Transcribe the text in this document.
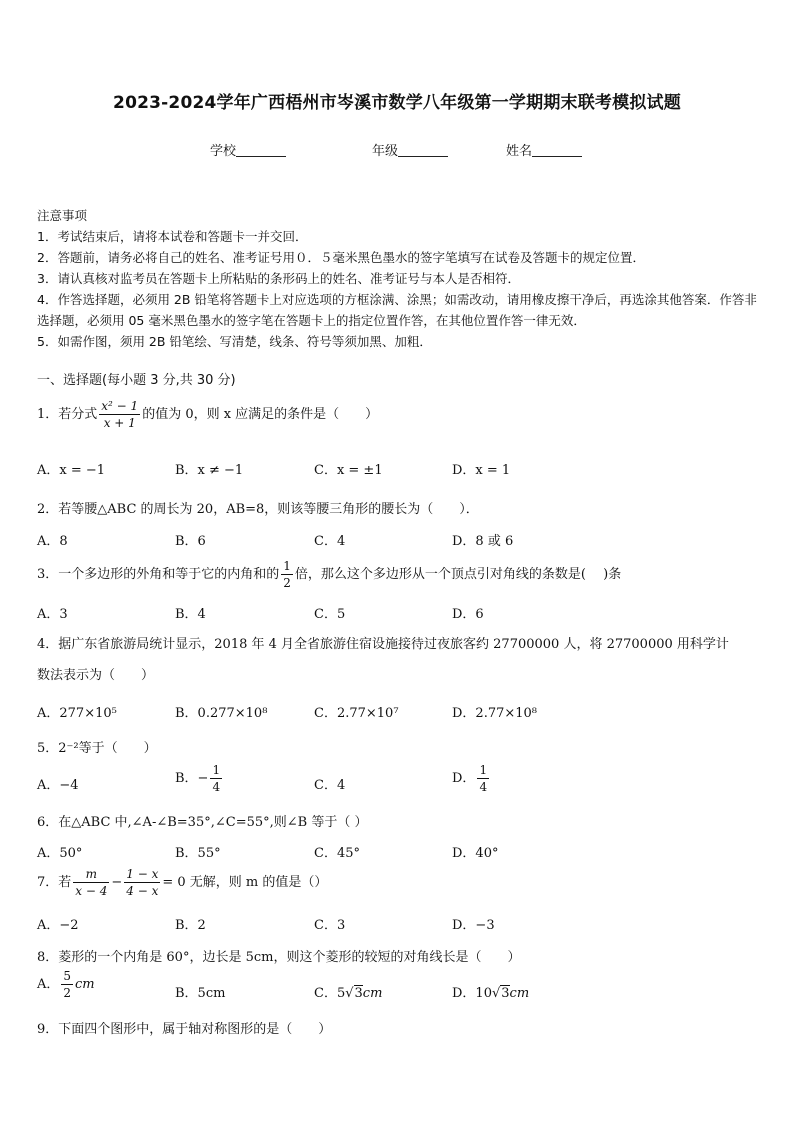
2023-2024学年广西梧州市岑溪市数学八年级第一学期期末联考模拟试题
学校	年级	姓名
注意事项
1．考试结束后，请将本试卷和答题卡一并交回．
2．答题前，请务必将自己的姓名、准考证号用０．５毫米黑色墨水的签字笔填写在试卷及答题卡的规定位置．
3．请认真核对监考员在答题卡上所粘贴的条形码上的姓名、准考证号与本人是否相符．
4．作答选择题，必须用 2B 铅笔将答题卡上对应选项的方框涂满、涂黑；如需改动，请用橡皮擦干净后，再选涂其他答案．作答非选择题，必须用 05 毫米黑色墨水的签字笔在答题卡上的指定位置作答，在其他位置作答一律无效．
5．如需作图，须用 2B 铅笔绘、写清楚，线条、符号等须加黑、加粗．
一、选择题(每小题 3 分,共 30 分)
1．若分式 $\frac{\text{x² − 1}}{x + 1}$ 的值为 0，则 x 应满足的条件是（　　）
A．x = −1	B．x ≠ −1	C．x = ±1	D．x = 1
2．若等腰△ABC 的周长为 20，AB=8，则该等腰三角形的腰长为（　　）．
A．8	B．6	C．4	D．8 或 6
3．一个多边形的外角和等于它的内角和的 $\frac{1}{2}$ 倍，那么这个多边形从一个顶点引对角线的条数是(　 )条
A．3	B．4	C．5	D．6
4．据广东省旅游局统计显示，2018 年 4 月全省旅游住宿设施接待过夜旅客约 27700000 人，将 27700000 用科学计
数法表示为（　　）
A．277×10⁵	B．0.277×10⁸	C．2.77×10⁷	D．2.77×10⁸
5．2⁻²等于（　　）
A．−4	B．− $\frac{1}{4}$	C．4	D． $\frac{1}{4}$
6．在△ABC 中,∠A-∠B=35°,∠C=55°,则∠B 等于（ ）
A．50°	B．55°	C．45°	D．40°
7．若 $\frac{m}{x - 4} - \frac{1 - x}{4 - x} = 0$ 无解，则 m 的值是（）
A．−2	B．2	C．3	D．−3
8．菱形的一个内角是 60°，边长是 5cm，则这个菱形的较短的对角线长是（　　）
A． $\frac{5}{2}$ cm
B．5cm	C．5√3cm	D．10√3cm
9．下面四个图形中，属于轴对称图形的是（　　）
